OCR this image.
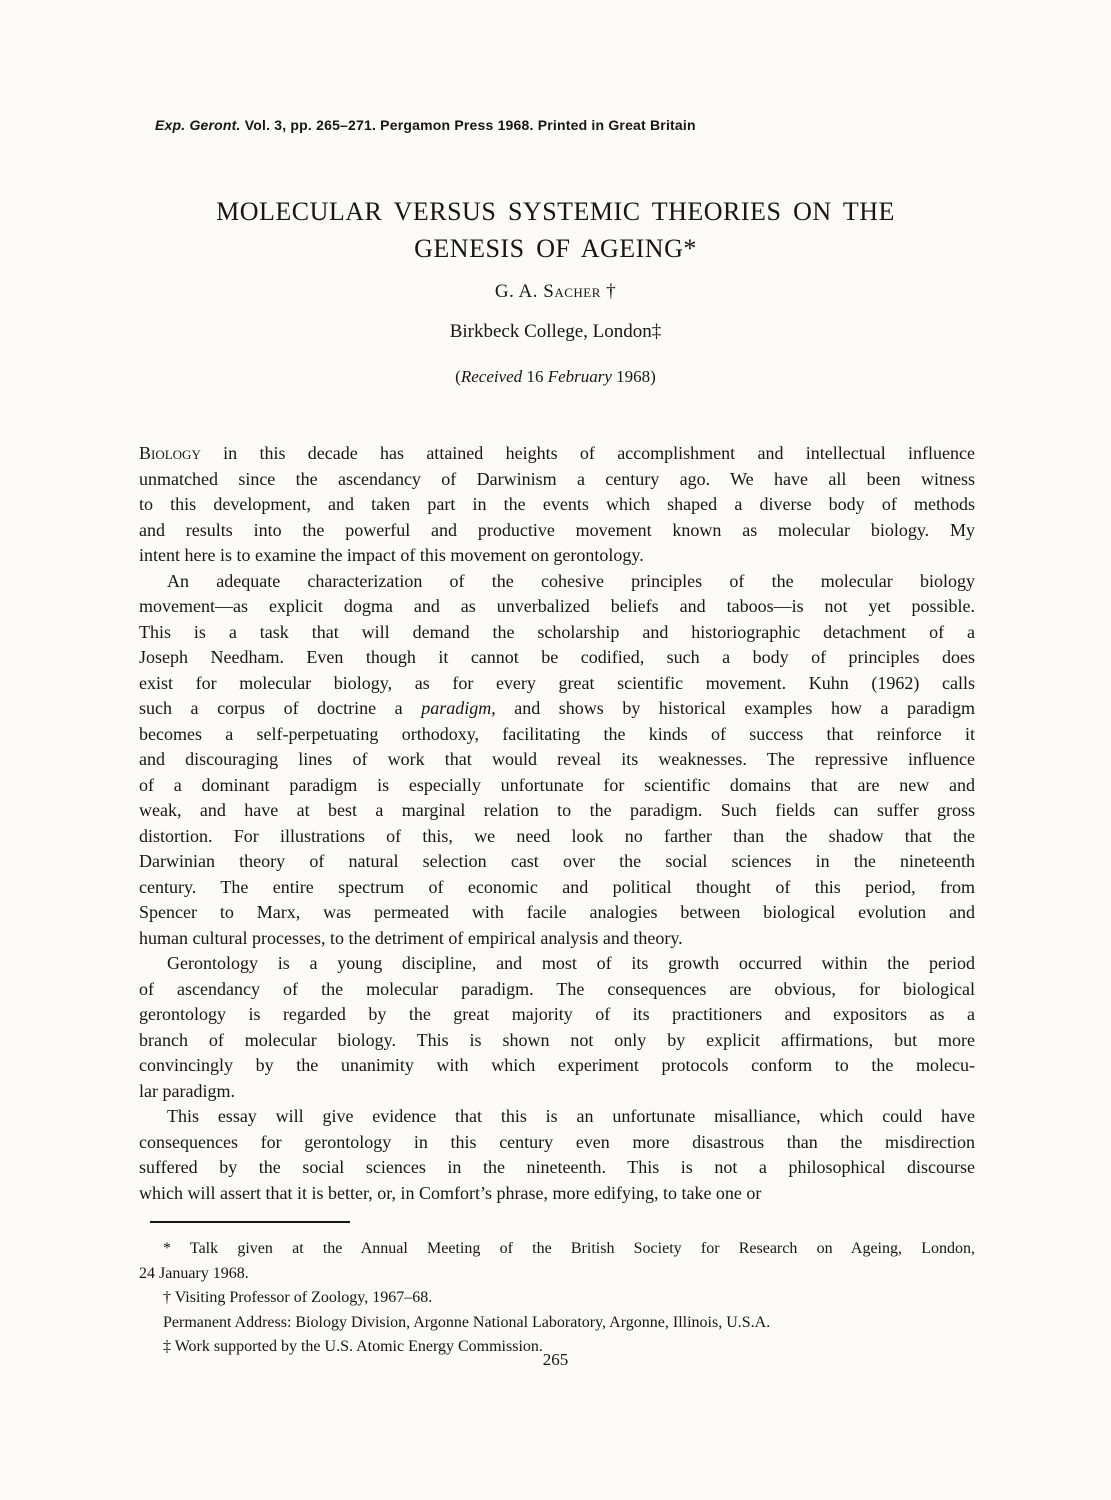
Exp. Geront. Vol. 3, pp. 265–271. Pergamon Press 1968. Printed in Great Britain
MOLECULAR VERSUS SYSTEMIC THEORIES ON THE
GENESIS OF AGEING*
G. A. Sacher †
Birkbeck College, London‡
(Received 16 February 1968)
Biology in this decade has attained heights of accomplishment and intellectual influence
unmatched since the ascendancy of Darwinism a century ago. We have all been witness
to this development, and taken part in the events which shaped a diverse body of methods
and results into the powerful and productive movement known as molecular biology. My
intent here is to examine the impact of this movement on gerontology.
An adequate characterization of the cohesive principles of the molecular biology
movement—as explicit dogma and as unverbalized beliefs and taboos—is not yet possible.
This is a task that will demand the scholarship and historiographic detachment of a
Joseph Needham. Even though it cannot be codified, such a body of principles does
exist for molecular biology, as for every great scientific movement. Kuhn (1962) calls
such a corpus of doctrine a paradigm, and shows by historical examples how a paradigm
becomes a self-perpetuating orthodoxy, facilitating the kinds of success that reinforce it
and discouraging lines of work that would reveal its weaknesses. The repressive influence
of a dominant paradigm is especially unfortunate for scientific domains that are new and
weak, and have at best a marginal relation to the paradigm. Such fields can suffer gross
distortion. For illustrations of this, we need look no farther than the shadow that the
Darwinian theory of natural selection cast over the social sciences in the nineteenth
century. The entire spectrum of economic and political thought of this period, from
Spencer to Marx, was permeated with facile analogies between biological evolution and
human cultural processes, to the detriment of empirical analysis and theory.
Gerontology is a young discipline, and most of its growth occurred within the period
of ascendancy of the molecular paradigm. The consequences are obvious, for biological
gerontology is regarded by the great majority of its practitioners and expositors as a
branch of molecular biology. This is shown not only by explicit affirmations, but more
convincingly by the unanimity with which experiment protocols conform to the molecu-
lar paradigm.
This essay will give evidence that this is an unfortunate misalliance, which could have
consequences for gerontology in this century even more disastrous than the misdirection
suffered by the social sciences in the nineteenth. This is not a philosophical discourse
which will assert that it is better, or, in Comfort’s phrase, more edifying, to take one or
* Talk given at the Annual Meeting of the British Society for Research on Ageing, London,
24 January 1968.
† Visiting Professor of Zoology, 1967–68.
Permanent Address: Biology Division, Argonne National Laboratory, Argonne, Illinois, U.S.A.
‡ Work supported by the U.S. Atomic Energy Commission.
265
